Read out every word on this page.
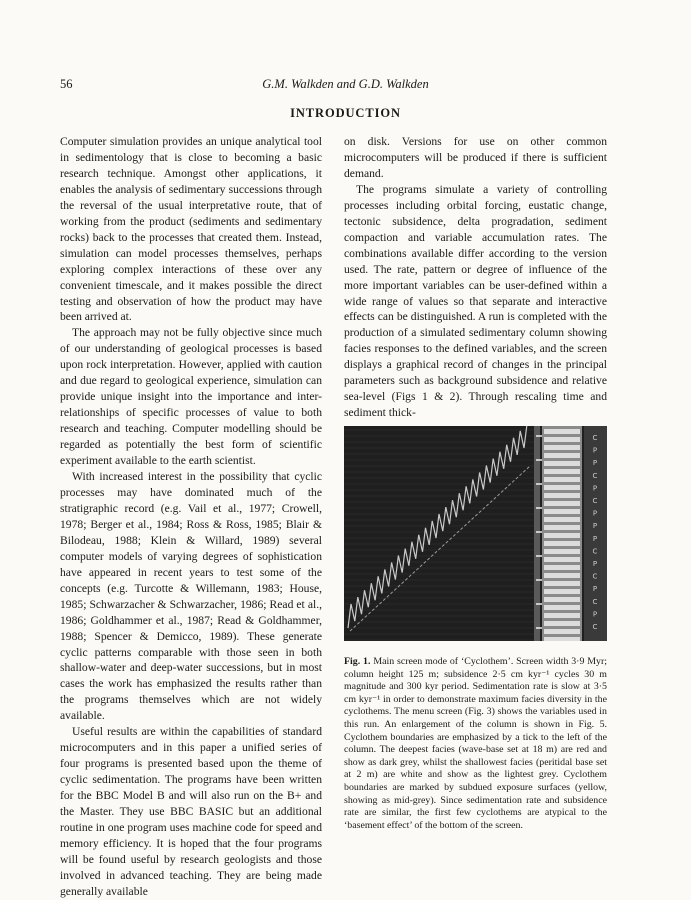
56	G.M. Walkden and G.D. Walkden
INTRODUCTION

Computer simulation provides an unique analytical tool in sedimentology that is close to becoming a basic research technique. Amongst other applications, it enables the analysis of sedimentary successions through the reversal of the usual interpretative route, that of working from the product (sediments and sedimentary rocks) back to the processes that created them. Instead, simulation can model processes themselves, perhaps exploring complex interactions of these over any convenient timescale, and it makes possible the direct testing and observation of how the product may have been arrived at.

The approach may not be fully objective since much of our understanding of geological processes is based upon rock interpretation. However, applied with caution and due regard to geological experience, simulation can provide unique insight into the importance and inter-relationships of specific processes of value to both research and teaching. Computer modelling should be regarded as potentially the best form of scientific experiment available to the earth scientist.

With increased interest in the possibility that cyclic processes may have dominated much of the stratigraphic record (e.g. Vail et al., 1977; Crowell, 1978; Berger et al., 1984; Ross & Ross, 1985; Blair & Bilodeau, 1988; Klein & Willard, 1989) several computer models of varying degrees of sophistication have appeared in recent years to test some of the concepts (e.g. Turcotte & Willemann, 1983; House, 1985; Schwarzacher & Schwarzacher, 1986; Read et al., 1986; Goldhammer et al., 1987; Read & Goldhammer, 1988; Spencer & Demicco, 1989). These generate cyclic patterns comparable with those seen in both shallow-water and deep-water successions, but in most cases the work has emphasized the results rather than the programs themselves which are not widely available.

Useful results are within the capabilities of standard microcomputers and in this paper a unified series of four programs is presented based upon the theme of cyclic sedimentation. The programs have been written for the BBC Model B and will also run on the B+ and the Master. They use BBC BASIC but an additional routine in one program uses machine code for speed and memory efficiency. It is hoped that the four programs will be found useful by research geologists and those involved in advanced teaching. They are being made generally available

on disk. Versions for use on other common microcomputers will be produced if there is sufficient demand.

The programs simulate a variety of controlling processes including orbital forcing, eustatic change, tectonic subsidence, delta progradation, sediment compaction and variable accumulation rates. The combinations available differ according to the version used. The rate, pattern or degree of influence of the more important variables can be user-defined within a wide range of values so that separate and interactive effects can be distinguished. A run is completed with the production of a simulated sedimentary column showing facies responses to the defined variables, and the screen displays a graphical record of changes in the principal parameters such as background subsidence and relative sea-level (Figs 1 & 2). Through rescaling time and sediment thick-

C
P
P
C
P
C
P
P
P
C
P
C
P
C
P
C
Fig. 1. Main screen mode of ‘Cyclothem’. Screen width 3·9 Myr; column height 125 m; subsidence 2·5 cm kyr⁻¹ cycles 30 m magnitude and 300 kyr period. Sedimentation rate is slow at 3·5 cm kyr⁻¹ in order to demonstrate maximum facies diversity in the cyclothems. The menu screen (Fig. 3) shows the variables used in this run. An enlargement of the column is shown in Fig. 5. Cyclothem boundaries are emphasized by a tick to the left of the column. The deepest facies (wave-base set at 18 m) are red and show as dark grey, whilst the shallowest facies (peritidal base set at 2 m) are white and show as the lightest grey. Cyclothem boundaries are marked by subdued exposure surfaces (yellow, showing as mid-grey). Since sedimentation rate and subsidence rate are similar, the first few cyclothems are atypical to the ‘basement effect’ of the bottom of the screen.
